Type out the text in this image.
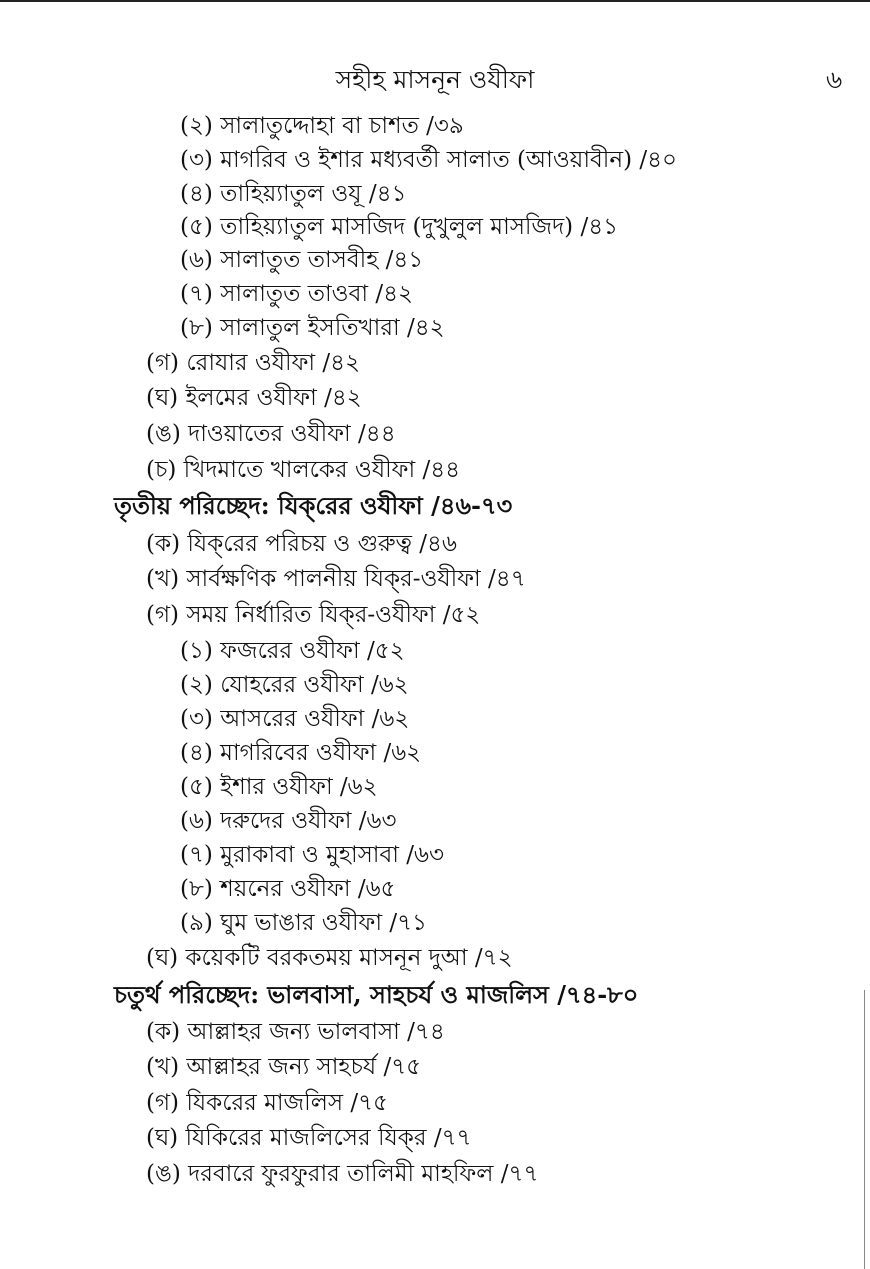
সহীহ মাসনূন ওযীফা	৬
(২) সালাতুদ্দোহা বা চাশত /৩৯
(৩) মাগরিব ও ইশার মধ্যবর্তী সালাত (আওয়াবীন) /৪০
(৪) তাহিয়্যাতুল ওযূ /৪১
(৫) তাহিয়্যাতুল মাসজিদ (দুখুলুল মাসজিদ) /৪১
(৬) সালাতুত তাসবীহ /৪১
(৭) সালাতুত তাওবা /৪২
(৮) সালাতুল ইসতিখারা /৪২
(গ) রোযার ওযীফা /৪২
(ঘ) ইলমের ওযীফা /৪২
(ঙ) দাওয়াতের ওযীফা /৪৪
(চ) খিদমাতে খালকের ওযীফা /৪৪
তৃতীয় পরিচ্ছেদ: যিক্‌রের ওযীফা /৪৬-৭৩
(ক) যিক্‌রের পরিচয় ও গুরুত্ব /৪৬
(খ) সার্বক্ষণিক পালনীয় যিক্‌র-ওযীফা /৪৭
(গ) সময় নির্ধারিত যিক্‌র-ওযীফা /৫২
(১) ফজরের ওযীফা /৫২
(২) যোহরের ওযীফা /৬২
(৩) আসরের ওযীফা /৬২
(৪) মাগরিবের ওযীফা /৬২
(৫) ইশার ওযীফা /৬২
(৬) দরুদের ওযীফা /৬৩
(৭) মুরাকাবা ও মুহাসাবা /৬৩
(৮) শয়নের ওযীফা /৬৫
(৯) ঘুম ভাঙার ওযীফা /৭১
(ঘ) কয়েকটি বরকতময় মাসনূন দুআ /৭২
চতুর্থ পরিচ্ছেদ: ভালবাসা, সাহচর্য ও মাজলিস /৭৪-৮০
(ক) আল্লাহর জন্য ভালবাসা /৭৪
(খ) আল্লাহর জন্য সাহচর্য /৭৫
(গ) যিকরের মাজলিস /৭৫
(ঘ) যিকিরের মাজলিসের যিক্‌র /৭৭
(ঙ) দরবারে ফুরফুরার তালিমী মাহফিল /৭৭
